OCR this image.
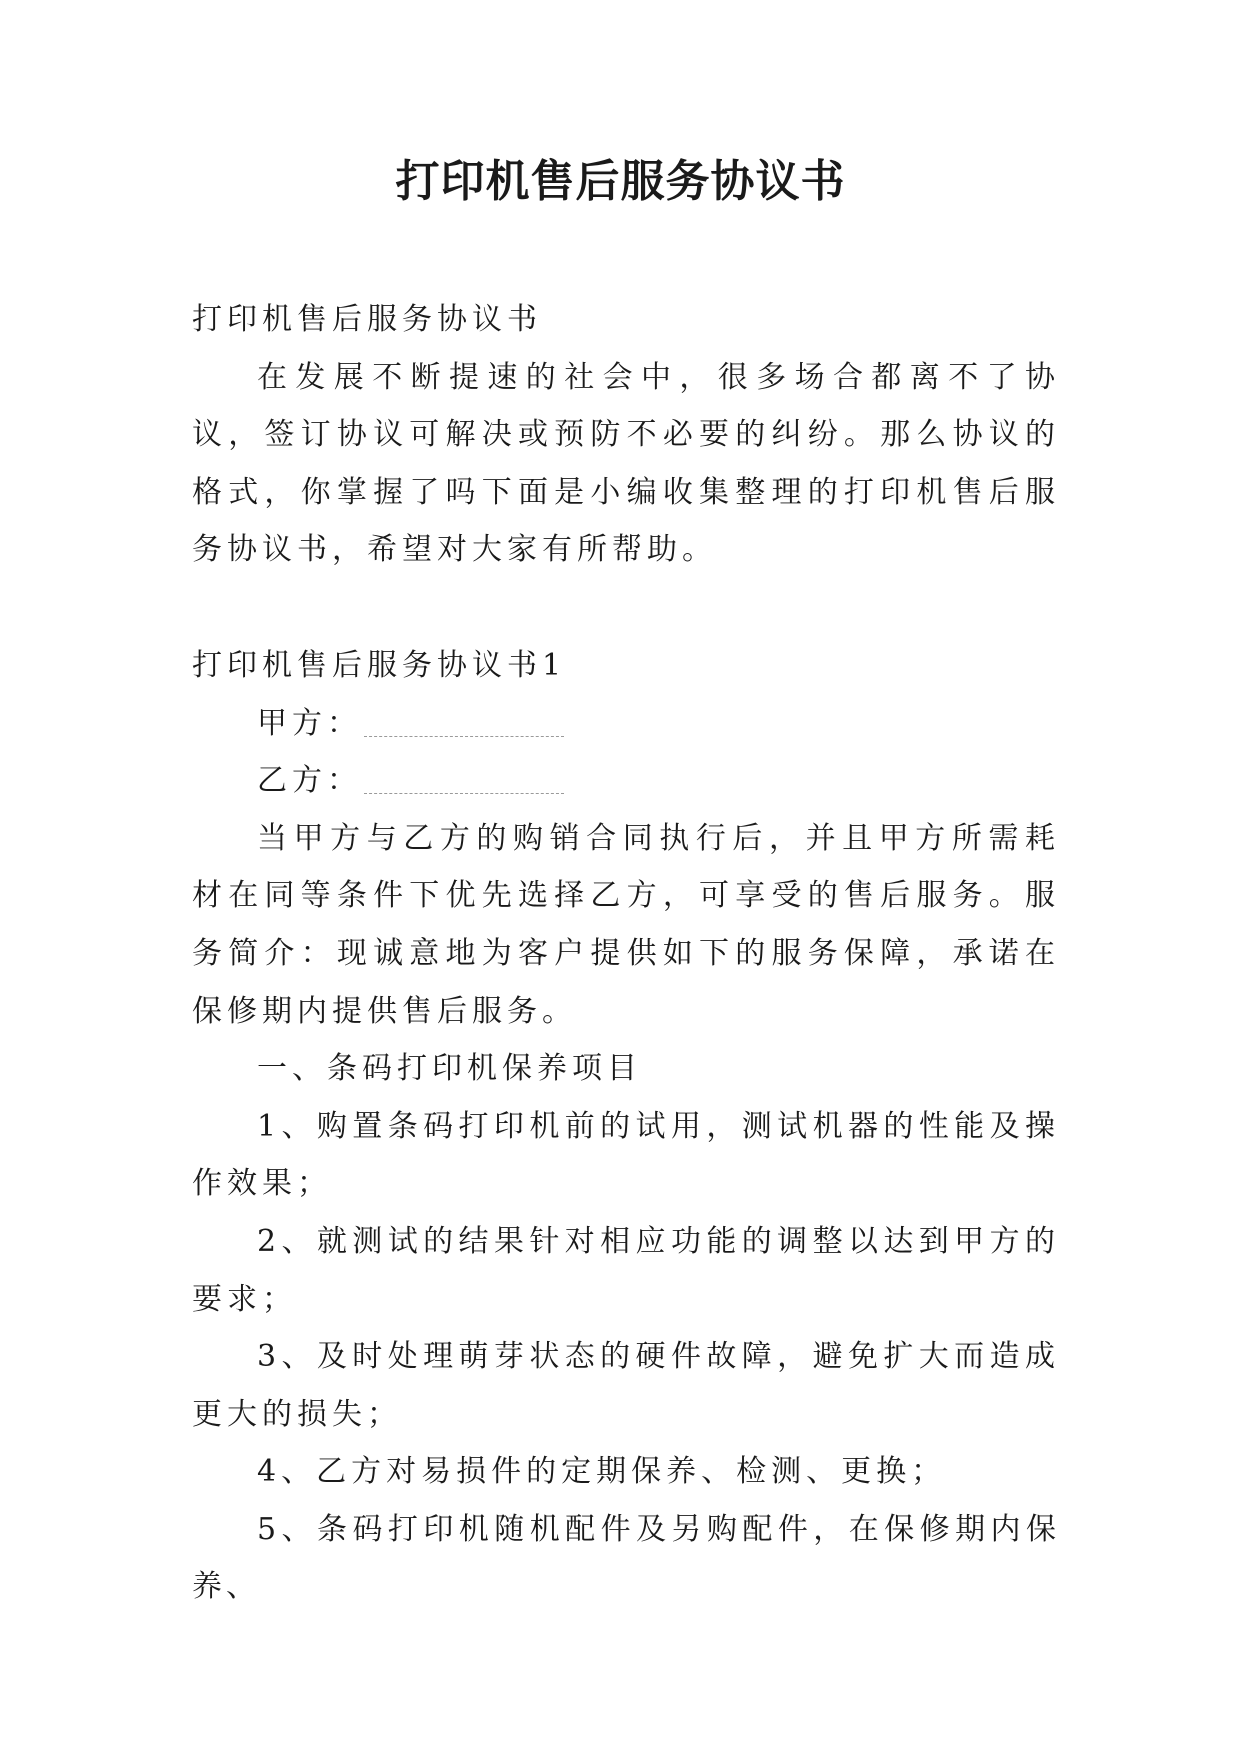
打印机售后服务协议书

打印机售后服务协议书

在发展不断提速的社会中，很多场合都离不了协议，签订协议可解决或预防不必要的纠纷。那么协议的格式，你掌握了吗下面是小编收集整理的打印机售后服务协议书，希望对大家有所帮助。

打印机售后服务协议书1

甲方：

乙方：

当甲方与乙方的购销合同执行后，并且甲方所需耗材在同等条件下优先选择乙方，可享受的售后服务。服务简介：现诚意地为客户提供如下的服务保障，承诺在保修期内提供售后服务。

一、条码打印机保养项目

1、购置条码打印机前的试用，测试机器的性能及操作效果；

2、就测试的结果针对相应功能的调整以达到甲方的要求；

3、及时处理萌芽状态的硬件故障，避免扩大而造成更大的损失；

4、乙方对易损件的定期保养、检测、更换；

5、条码打印机随机配件及另购配件，在保修期内保养、
